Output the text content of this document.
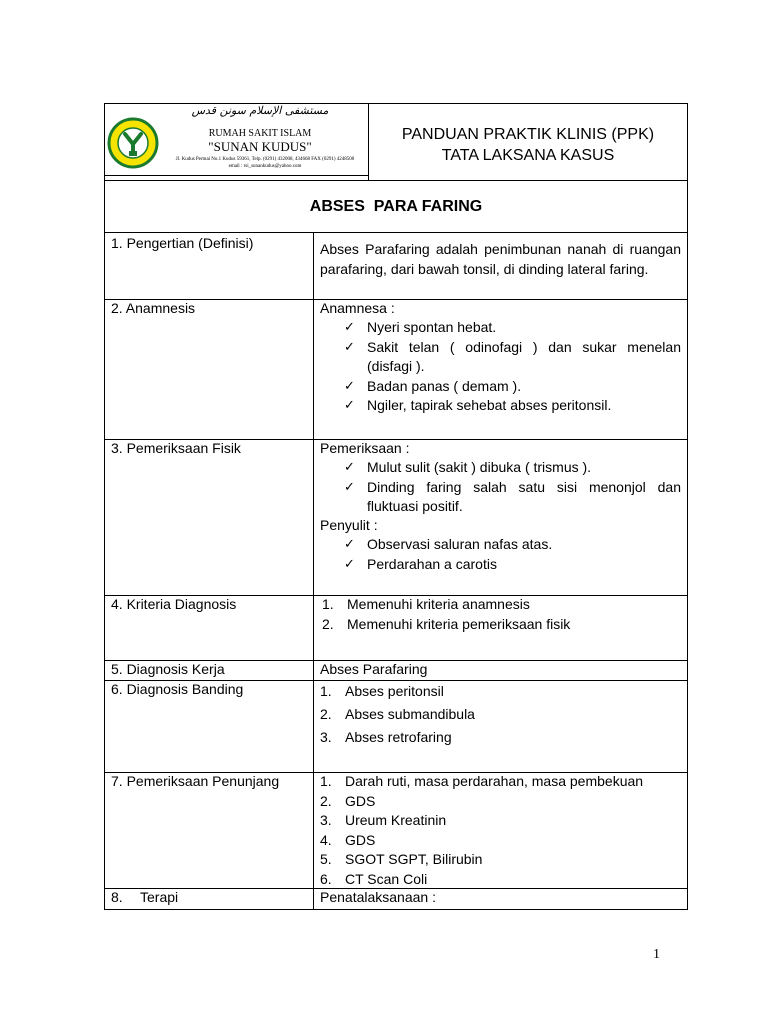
مستشفى الإسلام سونن قدس
RUMAH SAKIT ISLAM
"SUNAN KUDUS"
Jl. Kudus Permai No.1 Kudus 59361, Telp. (0291) 432008, 434668 FAX (0291) 4248500
email : rsi_sunankudus@yahoo.com
PANDUAN PRAKTIK KLINIS (PPK)
TATA LAKSANA KASUS
ABSES  PARA FARING
1. Pengertian (Definisi)	Abses Parafaring adalah penimbunan nanah di ruangan parafaring, dari bawah tonsil, di dinding lateral faring.
2. Anamnesis	Anamnesa :
✓ Nyeri spontan hebat.
✓ Sakit telan ( odinofagi ) dan sukar menelan (disfagi ).
✓ Badan panas ( demam ).
✓ Ngiler, tapirak sehebat abses peritonsil.
3. Pemeriksaan Fisik	Pemeriksaan :
✓ Mulut sulit (sakit ) dibuka ( trismus ).
✓ Dinding faring salah satu sisi menonjol dan fluktuasi positif.
Penyulit :
✓ Observasi saluran nafas atas.
✓ Perdarahan a carotis
4. Kriteria Diagnosis	1. Memenuhi kriteria anamnesis
2. Memenuhi kriteria pemeriksaan fisik
5. Diagnosis Kerja	Abses Parafaring
6. Diagnosis Banding	1. Abses peritonsil
2. Abses submandibula
3. Abses retrofaring
7. Pemeriksaan Penunjang	1. Darah ruti, masa perdarahan, masa pembekuan
2. GDS
3. Ureum Kreatinin
4. GDS
5. SGOT SGPT, Bilirubin
6. CT Scan Coli
8. Terapi	Penatalaksanaan :
1
